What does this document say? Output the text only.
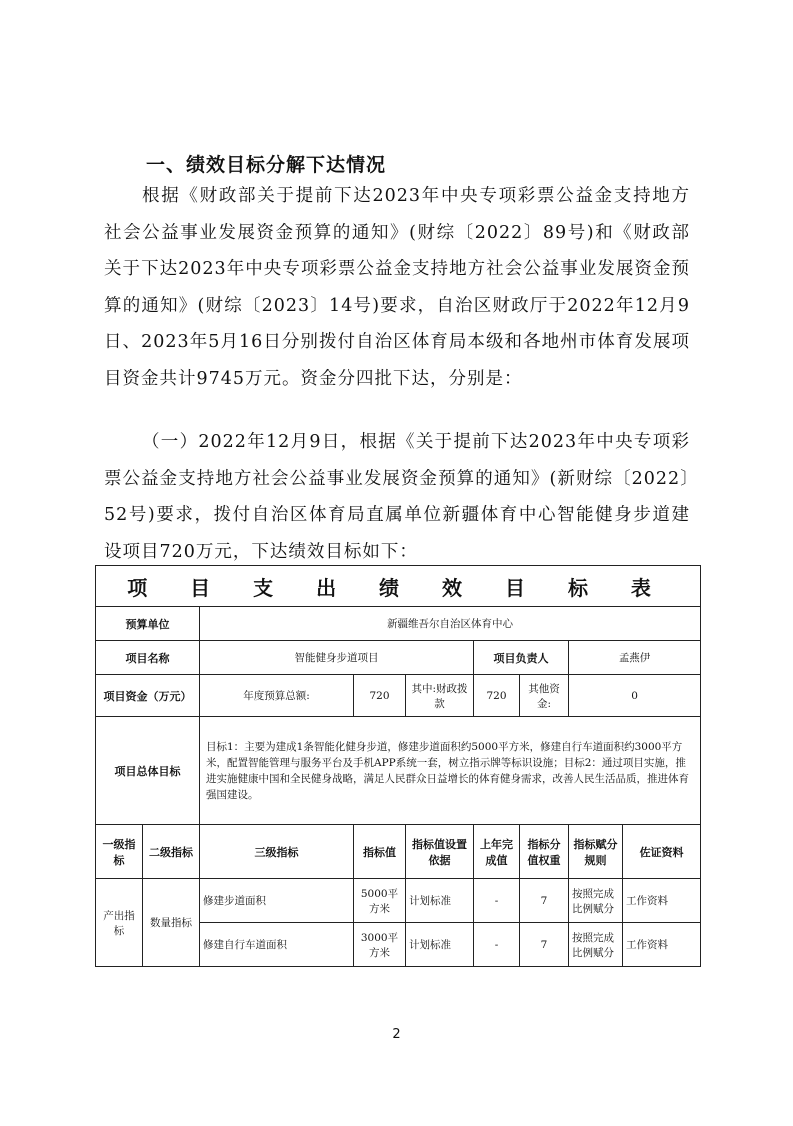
一、绩效目标分解下达情况
根据《财政部关于提前下达2023年中央专项彩票公益金支持地方社会公益事业发展资金预算的通知》(财综〔2022〕89号)和《财政部关于下达2023年中央专项彩票公益金支持地方社会公益事业发展资金预算的通知》(财综〔2023〕14号)要求，自治区财政厅于2022年12月9日、2023年5月16日分别拨付自治区体育局本级和各地州市体育发展项目资金共计9745万元。资金分四批下达，分别是：
（一）2022年12月9日，根据《关于提前下达2023年中央专项彩票公益金支持地方社会公益事业发展资金预算的通知》(新财综〔2022〕52号)要求，拨付自治区体育局直属单位新疆体育中心智能健身步道建设项目720万元，下达绩效目标如下：
项 目 支 出 绩 效 目 标 表								
预算单位		新疆维吾尔自治区体育中心						
项目名称		智能健身步道项目			项目负责人		孟燕伊	
项目资金（万元）		年度预算总额:	720	其中:财政拨款	720	其他资金:	0	
项目总体目标		目标1：主要为建成1条智能化健身步道，修建步道面积约5000平方米，修建自行车道面积约3000平方米，配置智能管理与服务平台及手机APP系统一套，树立指示牌等标识设施；目标2：通过项目实施，推进实施健康中国和全民健身战略，满足人民群众日益增长的体育健身需求，改善人民生活品质，推进体育强国建设。						
一级指标	二级指标	三级指标	指标值	指标值设置依据	上年完成值	指标分值权重	指标赋分规则	佐证资料
产出指标	数量指标	修建步道面积	5000平方米	计划标准	-	7	按照完成比例赋分	工作资料
		修建自行车道面积	3000平方米	计划标准	-	7	按照完成比例赋分	工作资料
2
